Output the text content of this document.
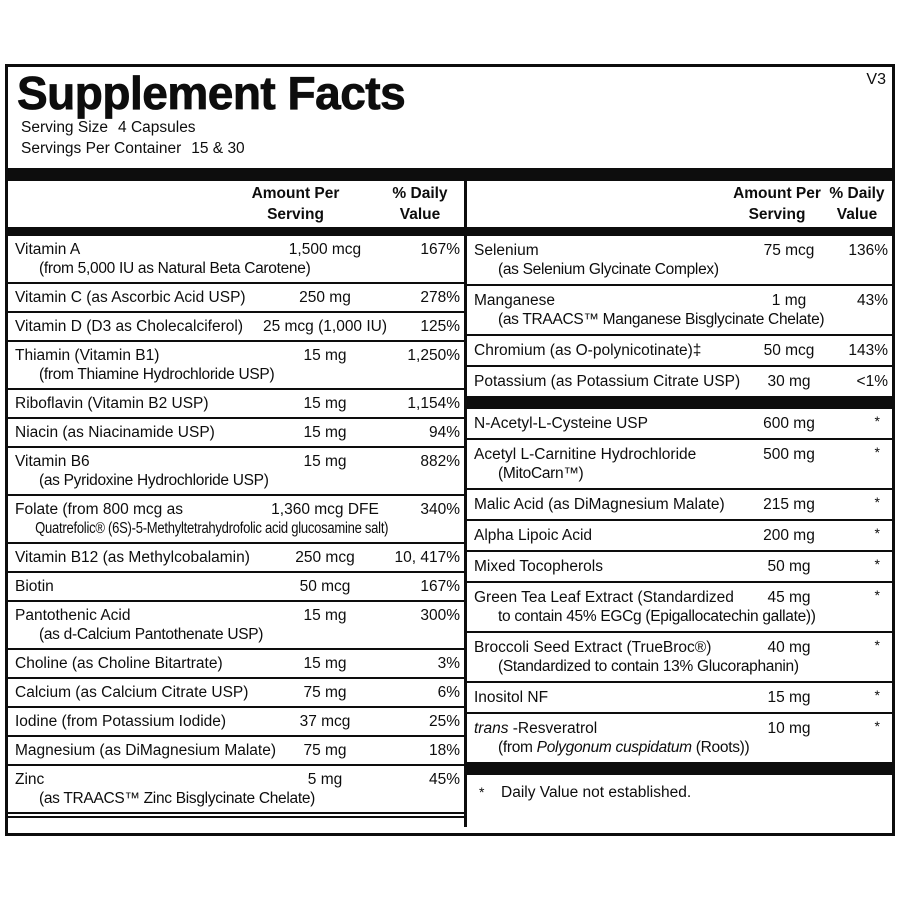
V3
Supplement Facts
Serving Size 4 Capsules
Servings Per Container 15 & 30
Amount Per
Serving
% Daily
Value
Vitamin A	1,500 mcg	167%
(from 5,000 IU as Natural Beta Carotene)
Vitamin C (as Ascorbic Acid USP)	250 mg	278%
Vitamin D (D3 as Cholecalciferol)	25 mcg (1,000 IU)	125%
Thiamin (Vitamin B1)	15 mg	1,250%
(from Thiamine Hydrochloride USP)
Riboflavin (Vitamin B2 USP)	15 mg	1,154%
Niacin (as Niacinamide USP)	15 mg	94%
Vitamin B6	15 mg	882%
(as Pyridoxine Hydrochloride USP)
Folate (from 800 mcg as	1,360 mcg DFE	340%
Quatrefolic® (6S)-5-Methyltetrahydrofolic acid glucosamine salt)
Vitamin B12 (as Methylcobalamin)	250 mcg	10, 417%
Biotin	50 mcg	167%
Pantothenic Acid	15 mg	300%
(as d-Calcium Pantothenate USP)
Choline (as Choline Bitartrate)	15 mg	3%
Calcium (as Calcium Citrate USP)	75 mg	6%
Iodine (from Potassium Iodide)	37 mcg	25%
Magnesium (as DiMagnesium Malate)	75 mg	18%
Zinc	5 mg	45%
(as TRAACS™ Zinc Bisglycinate Chelate)
Amount Per
Serving
% Daily
Value
Selenium	75 mcg	136%
(as Selenium Glycinate Complex)
Manganese	1 mg	43%
(as TRAACS™ Manganese Bisglycinate Chelate)
Chromium (as O-polynicotinate)‡	50 mcg	143%
Potassium (as Potassium Citrate USP)	30 mg	<1%
N-Acetyl-L-Cysteine USP	600 mg	*
Acetyl L-Carnitine Hydrochloride	500 mg	*
(MitoCarn™)
Malic Acid (as DiMagnesium Malate)	215 mg	*
Alpha Lipoic Acid	200 mg	*
Mixed Tocopherols	50 mg	*
Green Tea Leaf Extract (Standardized	45 mg	*
to contain 45% EGCg (Epigallocatechin gallate))
Broccoli Seed Extract (TrueBroc®)	40 mg	*
(Standardized to contain 13% Glucoraphanin)
Inositol NF	15 mg	*
trans -Resveratrol	10 mg	*
(from Polygonum cuspidatum (Roots))
* Daily Value not established.
